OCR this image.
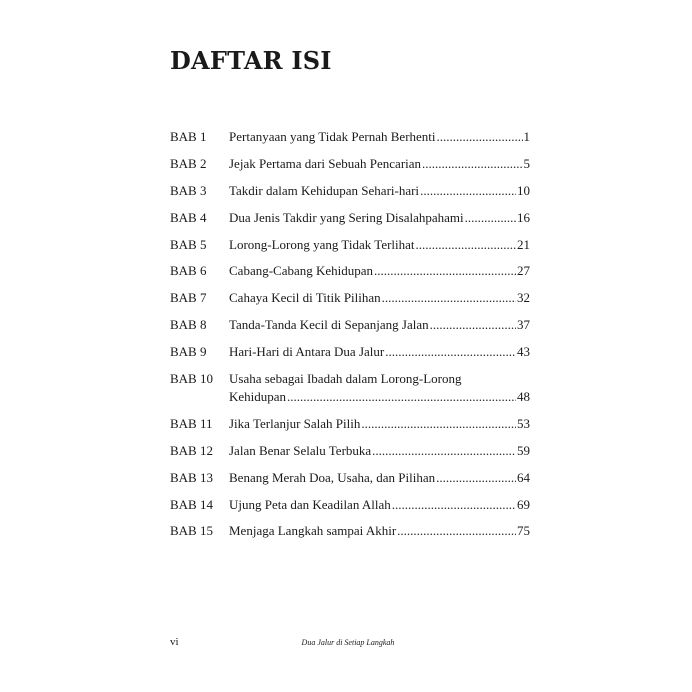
DAFTAR ISI
BAB 1	Pertanyaan yang Tidak Pernah Berhenti .....	1
BAB 2	Jejak Pertama dari Sebuah Pencarian .....	5
BAB 3	Takdir dalam Kehidupan Sehari-hari .....	10
BAB 4	Dua Jenis Takdir yang Sering Disalahpahami .....	16
BAB 5	Lorong-Lorong yang Tidak Terlihat .....	21
BAB 6	Cabang-Cabang Kehidupan .....	27
BAB 7	Cahaya Kecil di Titik Pilihan .....	32
BAB 8	Tanda-Tanda Kecil di Sepanjang Jalan .....	37
BAB 9	Hari-Hari di Antara Dua Jalur .....	43
BAB 10	Usaha sebagai Ibadah dalam Lorong-Lorong
Kehidupan .....	48
BAB 11	Jika Terlanjur Salah Pilih .....	53
BAB 12	Jalan Benar Selalu Terbuka .....	59
BAB 13	Benang Merah Doa, Usaha, dan Pilihan .....	64
BAB 14	Ujung Peta dan Keadilan Allah .....	69
BAB 15	Menjaga Langkah sampai Akhir .....	75
vi	Dua Jalur di Setiap Langkah
